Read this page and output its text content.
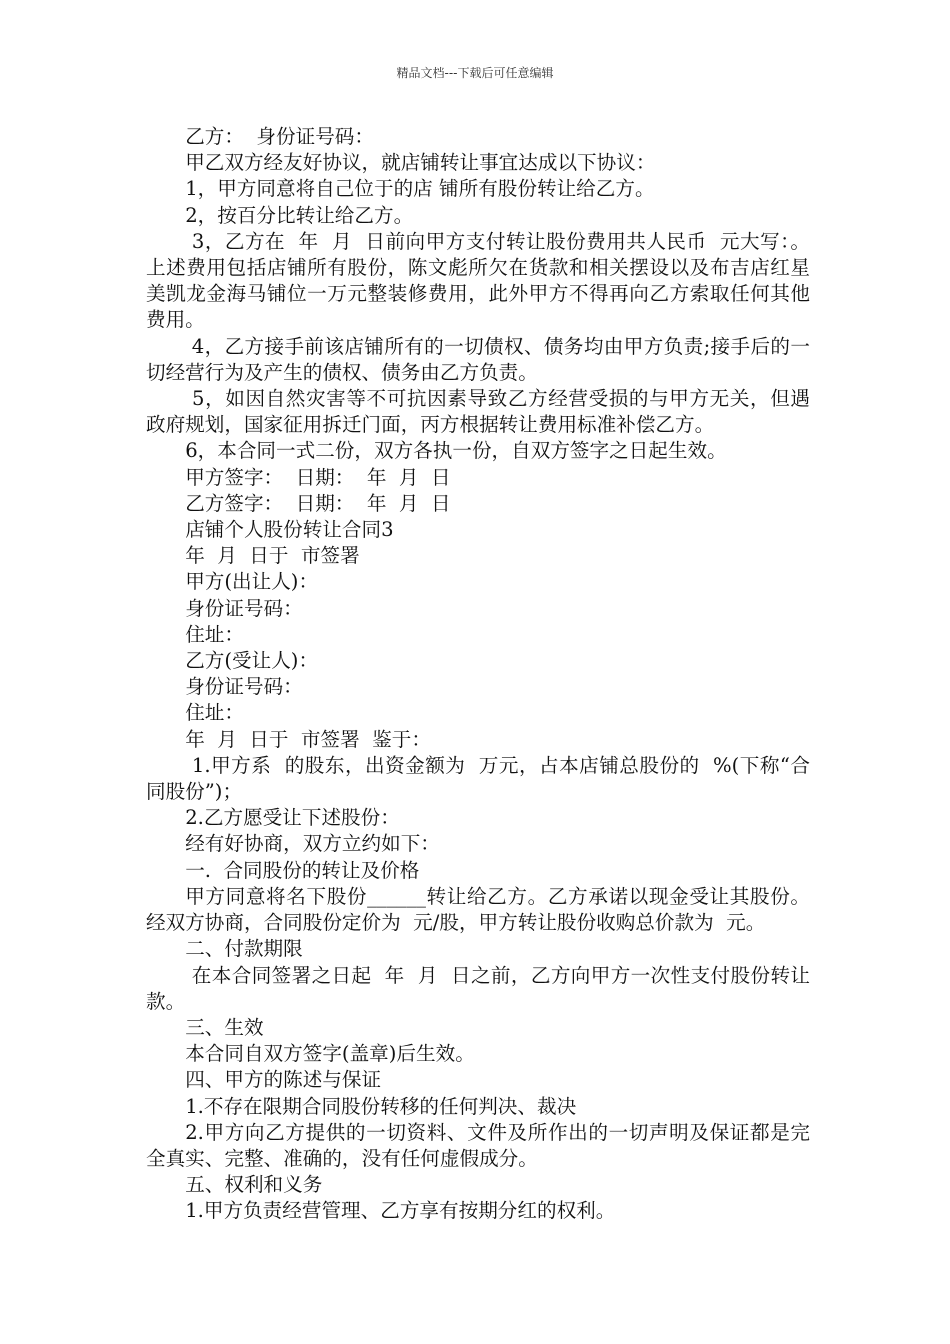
精品文档---下载后可任意编辑

乙方：  身份证号码：

甲乙双方经友好协议，就店铺转让事宜达成以下协议：

1，甲方同意将自己位于的店 铺所有股份转让给乙方。

2，按百分比转让给乙方。

3，乙方在  年  月  日前向甲方支付转让股份费用共人民币  元大写：。上述费用包括店铺所有股份，陈文彪所欠在货款和相关摆设以及布吉店红星美凯龙金海马铺位一万元整装修费用，此外甲方不得再向乙方索取任何其他费用。

4，乙方接手前该店铺所有的一切债权、债务均由甲方负责;接手后的一切经营行为及产生的债权、债务由乙方负责。

5，如因自然灾害等不可抗因素导致乙方经营受损的与甲方无关，但遇政府规划，国家征用拆迁门面，丙方根据转让费用标准补偿乙方。

6，本合同一式二份，双方各执一份，自双方签字之日起生效。

甲方签字：  日期：  年  月  日

乙方签字：  日期：  年  月  日

店铺个人股份转让合同3

年  月  日于  市签署

甲方(出让人)：

身份证号码：

住址：

乙方(受让人)：

身份证号码：

住址：

年  月  日于  市签署  鉴于：

1.甲方系  的股东，出资金额为  万元，占本店铺总股份的  %(下称“合同股份”)；

2.乙方愿受让下述股份：

经有好协商，双方立约如下：

一.  合同股份的转让及价格

甲方同意将名下股份______转让给乙方。乙方承诺以现金受让其股份。经双方协商，合同股份定价为  元/股，甲方转让股份收购总价款为  元。

二、付款期限

在本合同签署之日起  年  月  日之前，乙方向甲方一次性支付股份转让款。

三、生效

本合同自双方签字(盖章)后生效。

四、甲方的陈述与保证

1.不存在限期合同股份转移的任何判决、裁决

2.甲方向乙方提供的一切资料、文件及所作出的一切声明及保证都是完全真实、完整、准确的，没有任何虚假成分。

五、权利和义务

1.甲方负责经营管理、乙方享有按期分红的权利。
